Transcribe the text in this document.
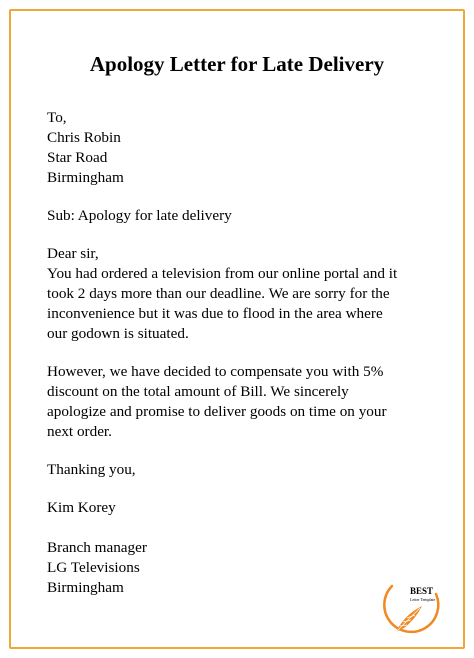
Apology Letter for Late Delivery
To,
Chris Robin
Star Road
Birmingham
Sub: Apology for late delivery
Dear sir,
You had ordered a television from our online portal and it
took 2 days more than our deadline. We are sorry for the
inconvenience but it was due to flood in the area where
our godown is situated.
However, we have decided to compensate you with 5%
discount on the total amount of Bill. We sincerely
apologize and promise to deliver goods on time on your
next order.
Thanking you,
Kim Korey
Branch manager
LG Televisions
Birmingham	BEST
Letter Template
